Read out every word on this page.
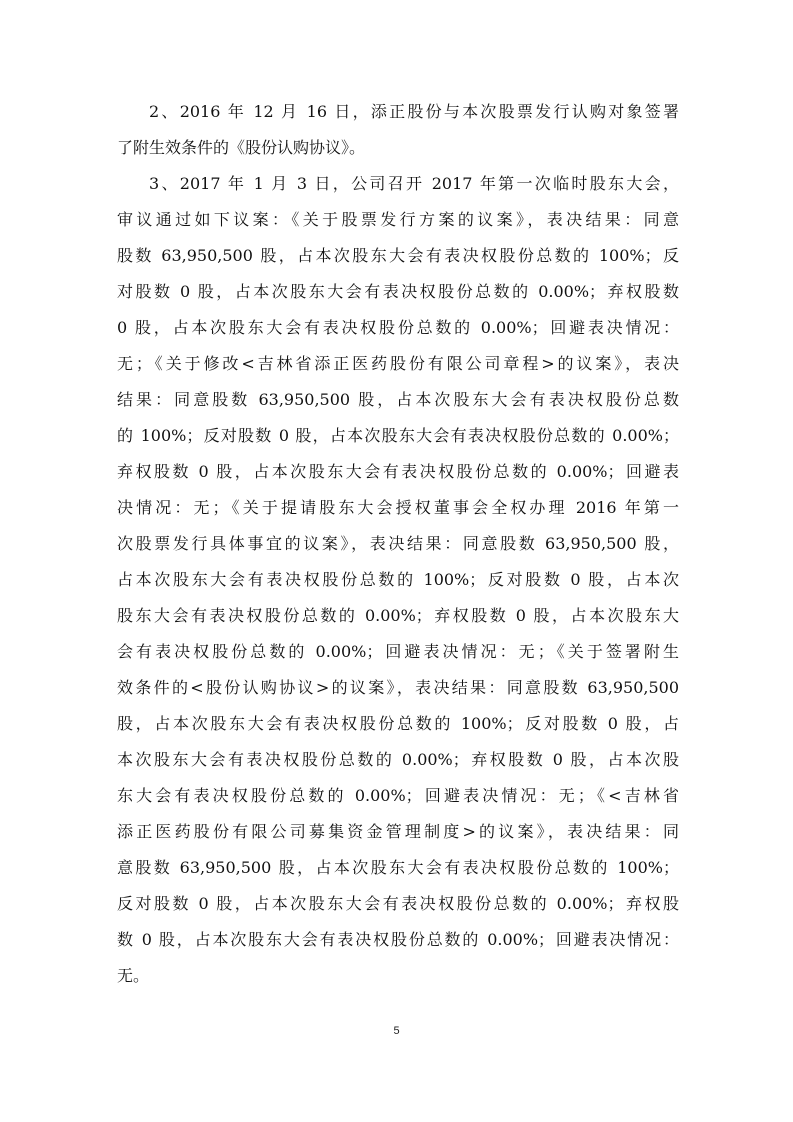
2、2016 年 12 月 16 日，添正股份与本次股票发行认购对象签署
了附生效条件的《股份认购协议》。
3、2017 年 1 月 3 日，公司召开 2017 年第一次临时股东大会，
审议通过如下议案：《关于股票发行方案的议案》，表决结果：同意
股数 63,950,500 股，占本次股东大会有表决权股份总数的 100%；反
对股数 0 股，占本次股东大会有表决权股份总数的 0.00%；弃权股数
0 股，占本次股东大会有表决权股份总数的 0.00%；回避表决情况：
无；《关于修改<吉林省添正医药股份有限公司章程>的议案》，表决
结果：同意股数 63,950,500 股，占本次股东大会有表决权股份总数
的 100%；反对股数 0 股，占本次股东大会有表决权股份总数的 0.00%；
弃权股数 0 股，占本次股东大会有表决权股份总数的 0.00%；回避表
决情况：无；《关于提请股东大会授权董事会全权办理 2016 年第一
次股票发行具体事宜的议案》，表决结果：同意股数 63,950,500 股，
占本次股东大会有表决权股份总数的 100%；反对股数 0 股，占本次
股东大会有表决权股份总数的 0.00%；弃权股数 0 股，占本次股东大
会有表决权股份总数的 0.00%；回避表决情况：无；《关于签署附生
效条件的<股份认购协议>的议案》，表决结果：同意股数 63,950,500
股，占本次股东大会有表决权股份总数的 100%；反对股数 0 股，占
本次股东大会有表决权股份总数的 0.00%；弃权股数 0 股，占本次股
东大会有表决权股份总数的 0.00%；回避表决情况：无；《<吉林省
添正医药股份有限公司募集资金管理制度>的议案》，表决结果：同
意股数 63,950,500 股，占本次股东大会有表决权股份总数的 100%；
反对股数 0 股，占本次股东大会有表决权股份总数的 0.00%；弃权股
数 0 股，占本次股东大会有表决权股份总数的 0.00%；回避表决情况：
无。
5
